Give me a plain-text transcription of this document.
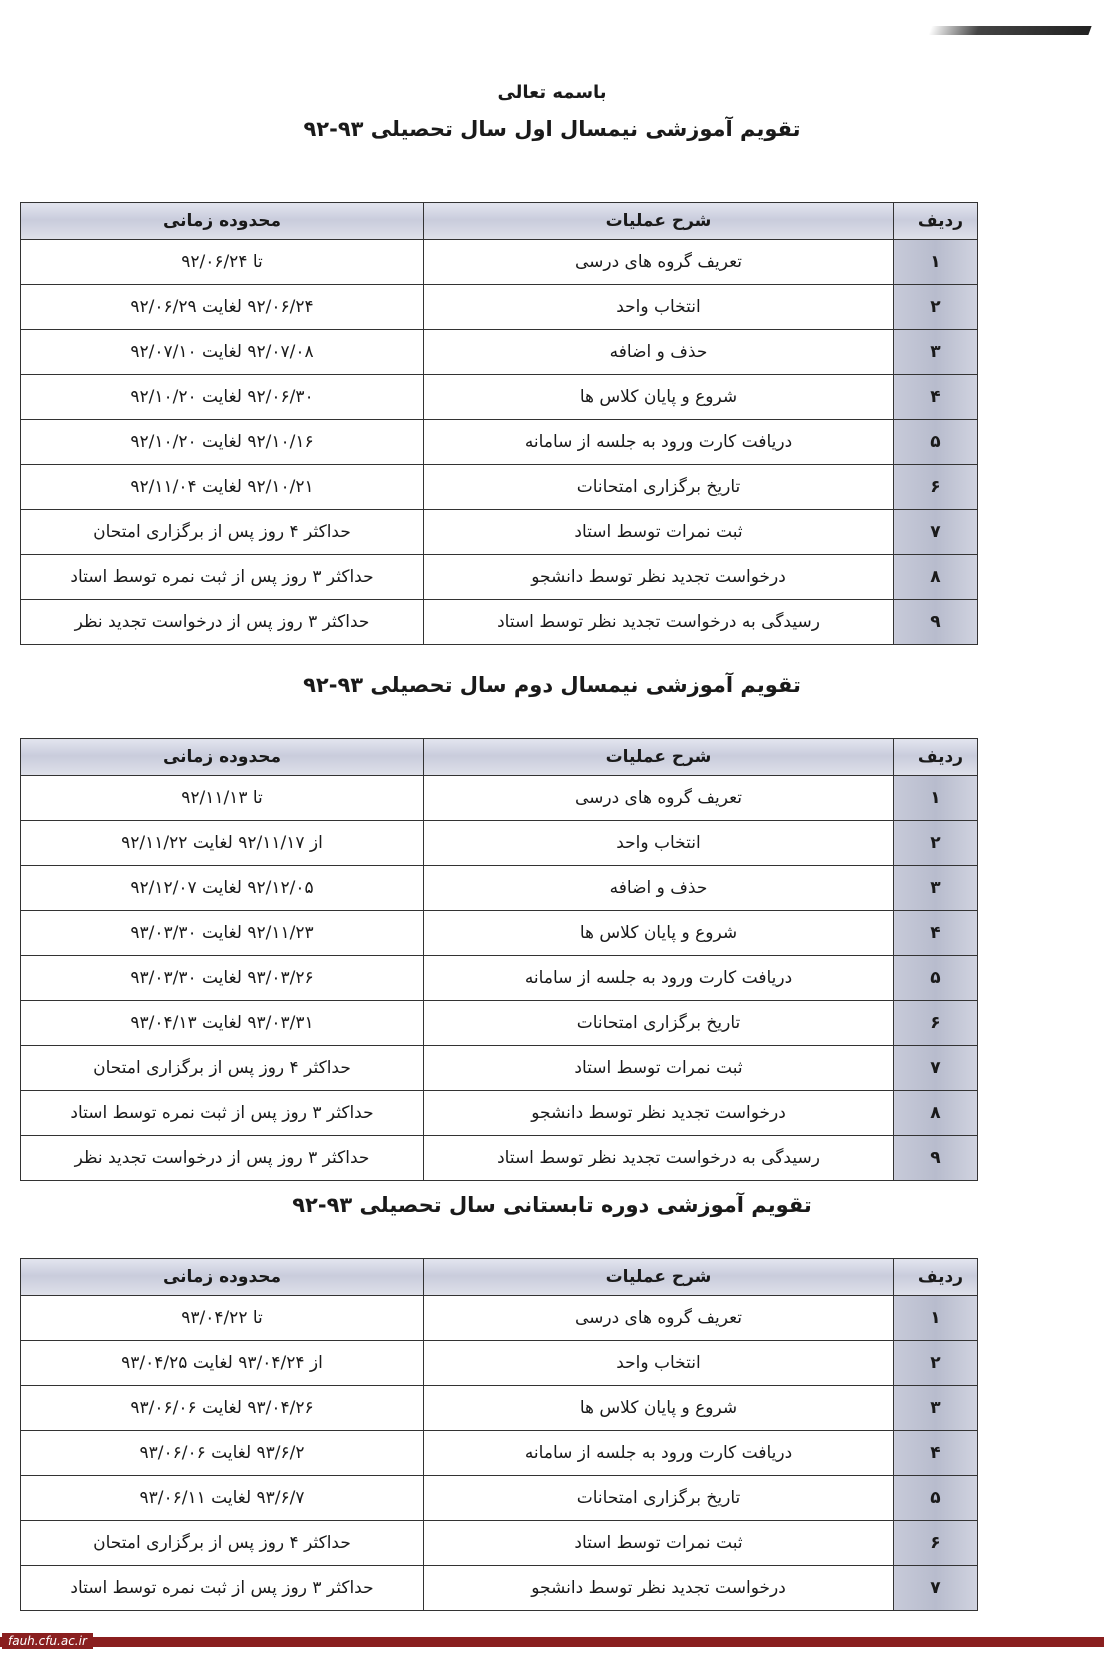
باسمه تعالی
تقویم آموزشی نیمسال اول سال تحصیلی ۹۳-۹۲
ردیف	شرح عملیات	محدوده زمانی
۱	تعریف گروه های درسی	تا ۹۲/۰۶/۲۴
۲	انتخاب واحد	۹۲/۰۶/۲۴ لغایت ۹۲/۰۶/۲۹
۳	حذف و اضافه	۹۲/۰۷/۰۸ لغایت ۹۲/۰۷/۱۰
۴	شروع و پایان کلاس ها	۹۲/۰۶/۳۰ لغایت ۹۲/۱۰/۲۰
۵	دریافت کارت ورود به جلسه از سامانه	۹۲/۱۰/۱۶ لغایت ۹۲/۱۰/۲۰
۶	تاریخ برگزاری امتحانات	۹۲/۱۰/۲۱ لغایت ۹۲/۱۱/۰۴
۷	ثبت نمرات توسط استاد	حداکثر ۴ روز پس از برگزاری امتحان
۸	درخواست تجدید نظر توسط دانشجو	حداکثر ۳ روز پس از ثبت نمره توسط استاد
۹	رسیدگی به درخواست تجدید نظر توسط استاد	حداکثر ۳ روز پس از درخواست تجدید نظر
تقویم آموزشی نیمسال دوم سال تحصیلی ۹۳-۹۲
ردیف	شرح عملیات	محدوده زمانی
۱	تعریف گروه های درسی	تا ۹۲/۱۱/۱۳
۲	انتخاب واحد	از ۹۲/۱۱/۱۷ لغایت ۹۲/۱۱/۲۲
۳	حذف و اضافه	۹۲/۱۲/۰۵ لغایت ۹۲/۱۲/۰۷
۴	شروع و پایان کلاس ها	۹۲/۱۱/۲۳ لغایت ۹۳/۰۳/۳۰
۵	دریافت کارت ورود به جلسه از سامانه	۹۳/۰۳/۲۶ لغایت ۹۳/۰۳/۳۰
۶	تاریخ برگزاری امتحانات	۹۳/۰۳/۳۱ لغایت ۹۳/۰۴/۱۳
۷	ثبت نمرات توسط استاد	حداکثر ۴ روز پس از برگزاری امتحان
۸	درخواست تجدید نظر توسط دانشجو	حداکثر ۳ روز پس از ثبت نمره توسط استاد
۹	رسیدگی به درخواست تجدید نظر توسط استاد	حداکثر ۳ روز پس از درخواست تجدید نظر
تقویم آموزشی دوره تابستانی سال تحصیلی ۹۳-۹۲
ردیف	شرح عملیات	محدوده زمانی
۱	تعریف گروه های درسی	تا ۹۳/۰۴/۲۲
۲	انتخاب واحد	از ۹۳/۰۴/۲۴ لغایت ۹۳/۰۴/۲۵
۳	شروع و پایان کلاس ها	۹۳/۰۴/۲۶ لغایت ۹۳/۰۶/۰۶
۴	دریافت کارت ورود به جلسه از سامانه	۹۳/۶/۲ لغایت ۹۳/۰۶/۰۶
۵	تاریخ برگزاری امتحانات	۹۳/۶/۷ لغایت ۹۳/۰۶/۱۱
۶	ثبت نمرات توسط استاد	حداکثر ۴ روز پس از برگزاری امتحان
۷	درخواست تجدید نظر توسط دانشجو	حداکثر ۳ روز پس از ثبت نمره توسط استاد
fauh.cfu.ac.ir
